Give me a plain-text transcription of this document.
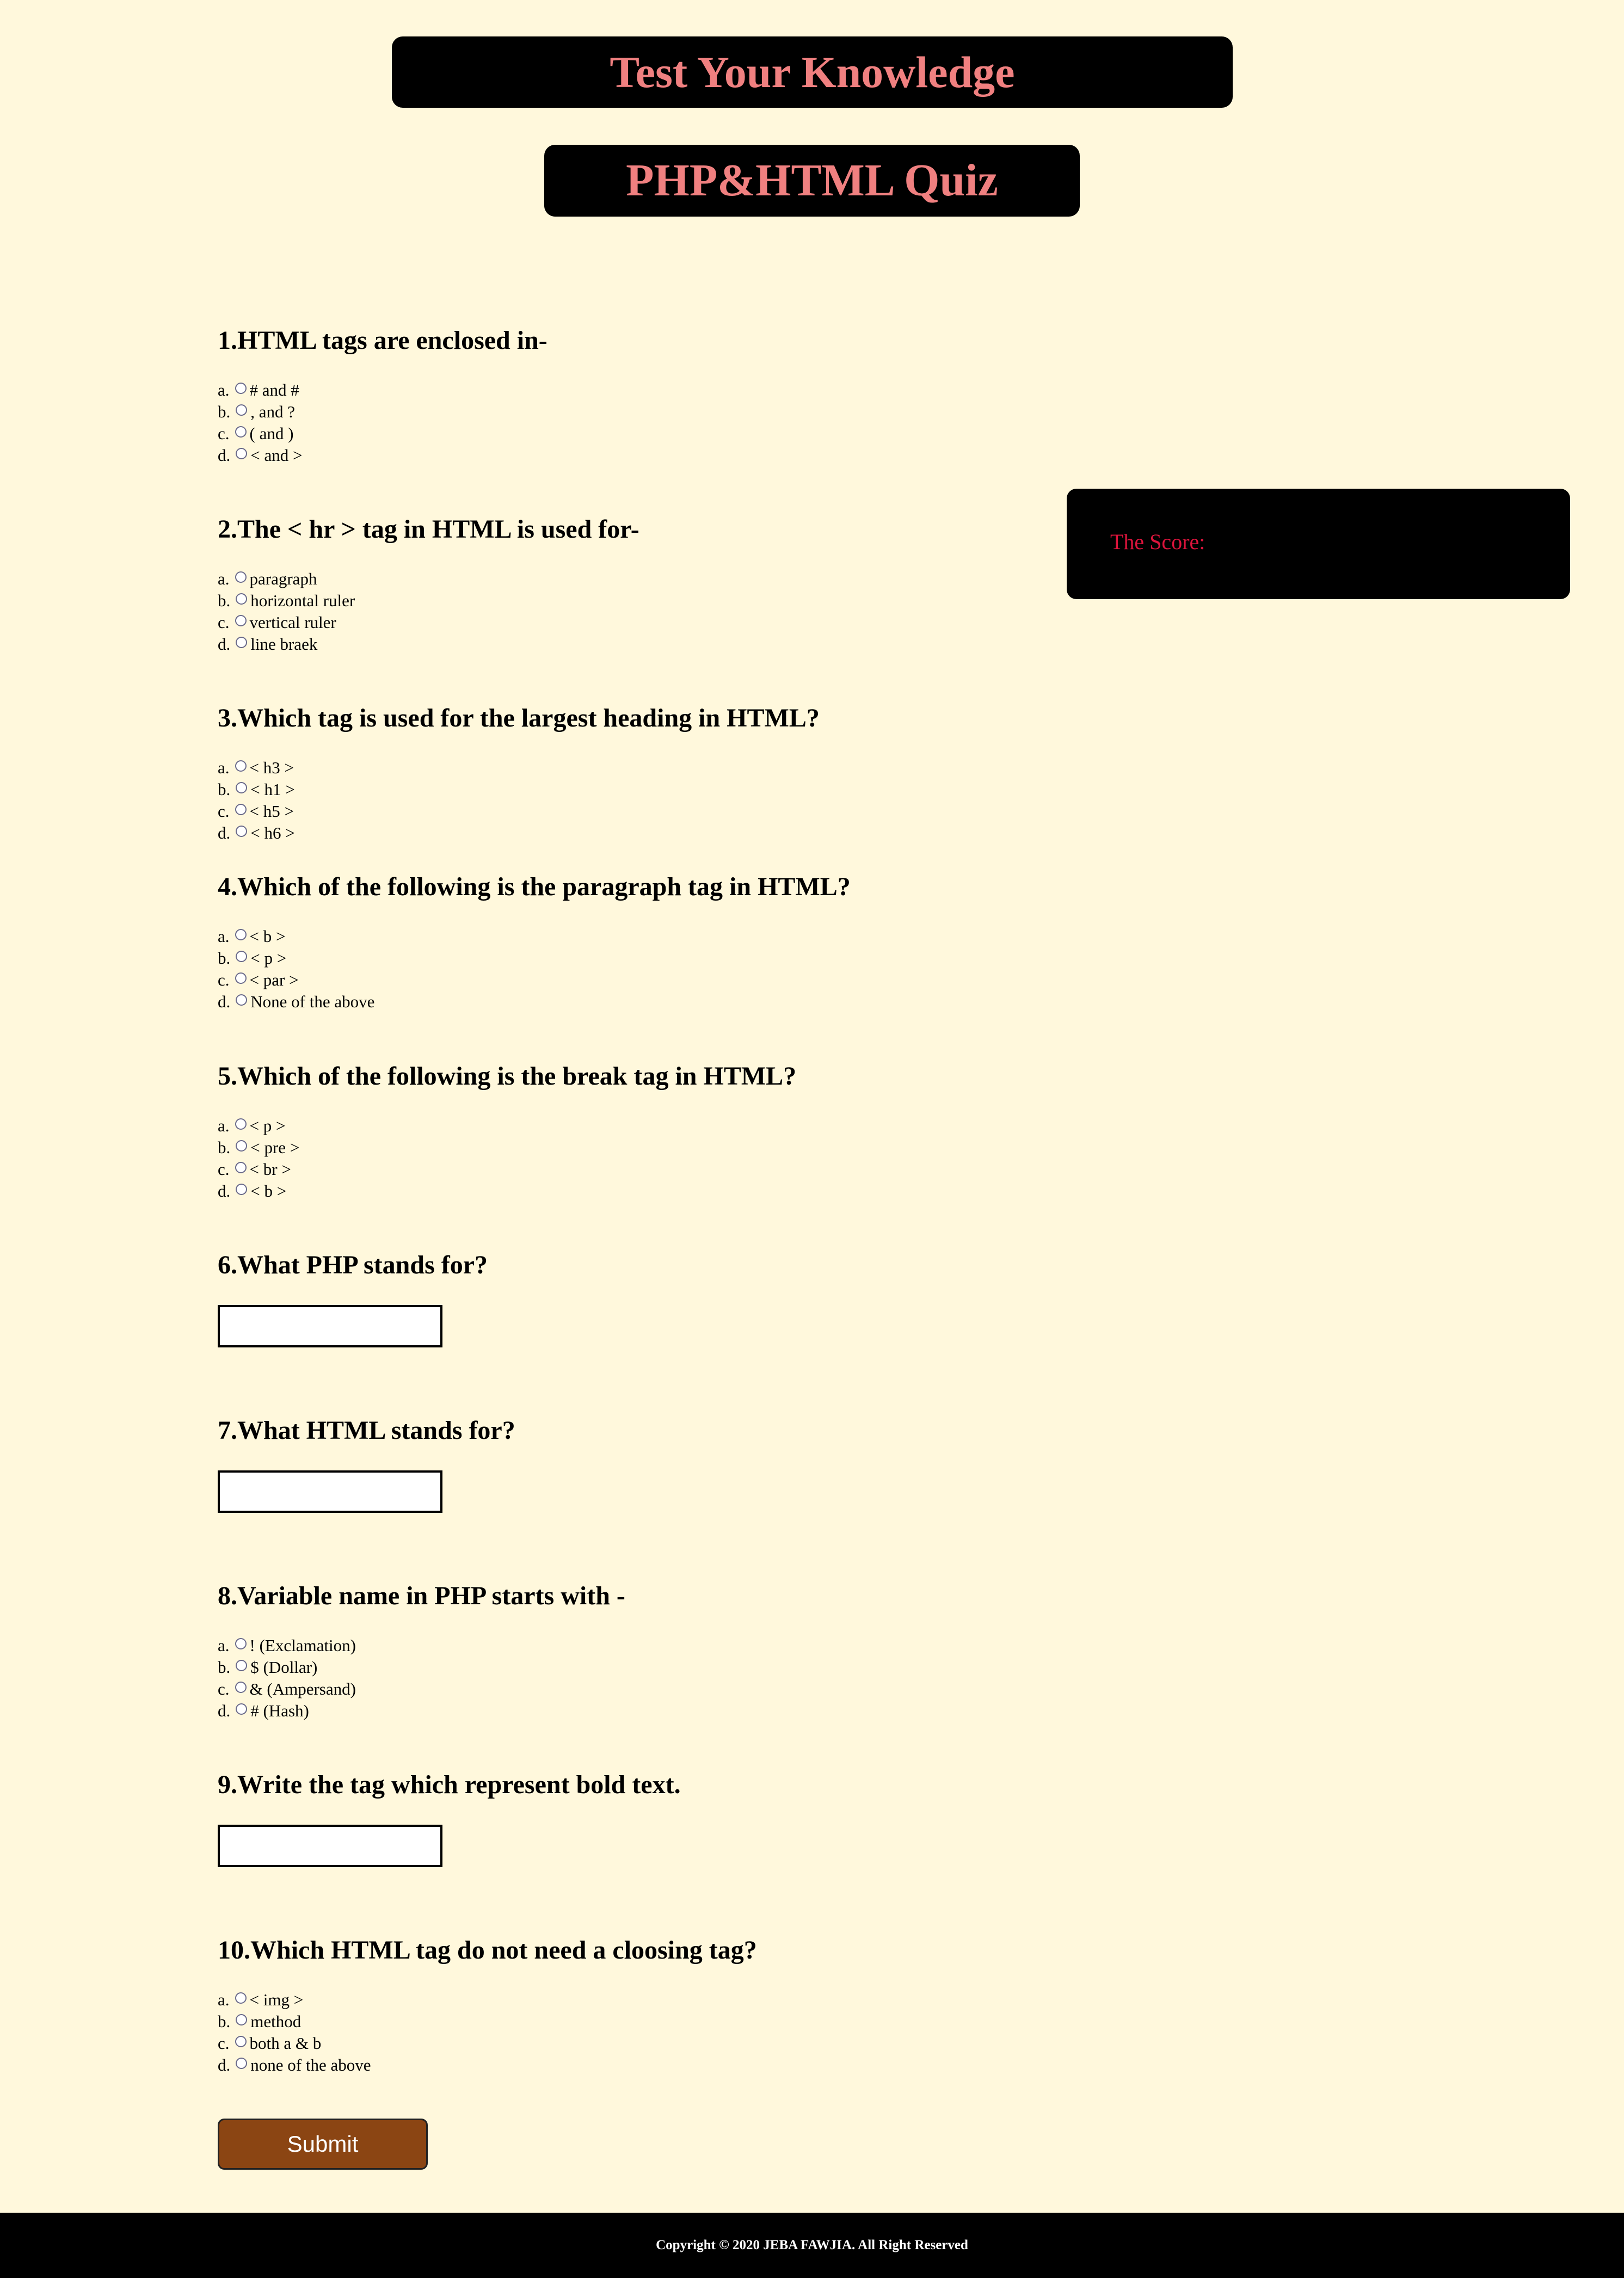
Test Your Knowledge
PHP&HTML Quiz
The Score:
1.HTML tags are enclosed in-
a. # and #
b. , and ?
c. ( and )
d. < and >
2.The < hr > tag in HTML is used for-
a. paragraph
b. horizontal ruler
c. vertical ruler
d. line braek
3.Which tag is used for the largest heading in HTML?
a. < h3 >
b. < h1 >
c. < h5 >
d. < h6 >
4.Which of the following is the paragraph tag in HTML?
a. < b >
b. < p >
c. < par >
d. None of the above
5.Which of the following is the break tag in HTML?
a. < p >
b. < pre >
c. < br >
d. < b >
6.What PHP stands for?
7.What HTML stands for?
8.Variable name in PHP starts with -
a. ! (Exclamation)
b. $ (Dollar)
c. & (Ampersand)
d. # (Hash)
9.Write the tag which represent bold text.
10.Which HTML tag do not need a cloosing tag?
a. < img >
b. method
c. both a & b
d. none of the above
Submit
Copyright © 2020 JEBA FAWJIA. All Right Reserved
